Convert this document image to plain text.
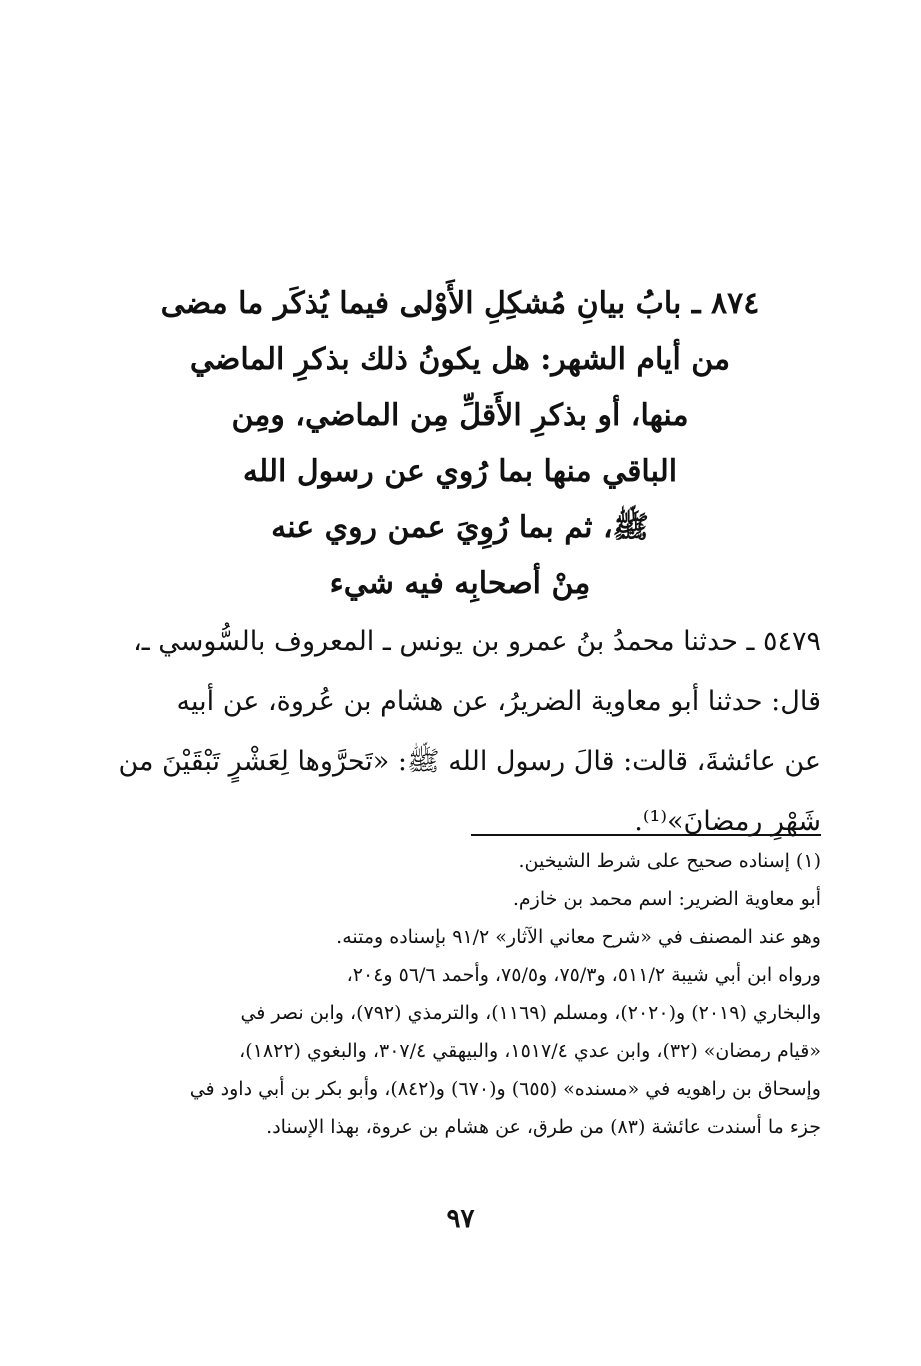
٨٧٤ ـ بابُ بيانِ مُشكِلِ الأَوْلى فيما يُذكَر ما مضى
من أيام الشهر: هل يكونُ ذلك بذكرِ الماضي
منها، أو بذكرِ الأَقلِّ مِن الماضي، ومِن
الباقي منها بما رُوي عن رسول الله
ﷺ، ثم بما رُوِيَ عمن روي عنه
مِنْ أصحابِه فيه شيء
٥٤٧٩ ـ حدثنا محمدُ بنُ عمرو بن يونس ـ المعروف بالسُّوسي ـ،
قال: حدثنا أبو معاوية الضريرُ، عن هشام بن عُروة، عن أبيه
عن عائشةَ، قالت: قالَ رسول الله ﷺ: «تَحرَّوها لِعَشْرٍ تَبْقَيْنَ من
شَهْرِ رمضانَ»⁽¹⁾.
(١) إسناده صحيح على شرط الشيخين.
أبو معاوية الضرير: اسم محمد بن خازم.
وهو عند المصنف في «شرح معاني الآثار» ٩١/٢ بإسناده ومتنه.
ورواه ابن أبي شيبة ٥١١/٢، و٧٥/٣، و٧٥/٥، وأحمد ٥٦/٦ و٢٠٤،
والبخاري (٢٠١٩) و(٢٠٢٠)، ومسلم (١١٦٩)، والترمذي (٧٩٢)، وابن نصر في
«قيام رمضان» (٣٢)، وابن عدي ١٥١٧/٤، والبيهقي ٣٠٧/٤، والبغوي (١٨٢٢)،
وإسحاق بن راهويه في «مسنده» (٦٥٥) و(٦٧٠) و(٨٤٢)، وأبو بكر بن أبي داود في
جزء ما أسندت عائشة (٨٣) من طرق، عن هشام بن عروة، بهذا الإسناد.
٩٧
